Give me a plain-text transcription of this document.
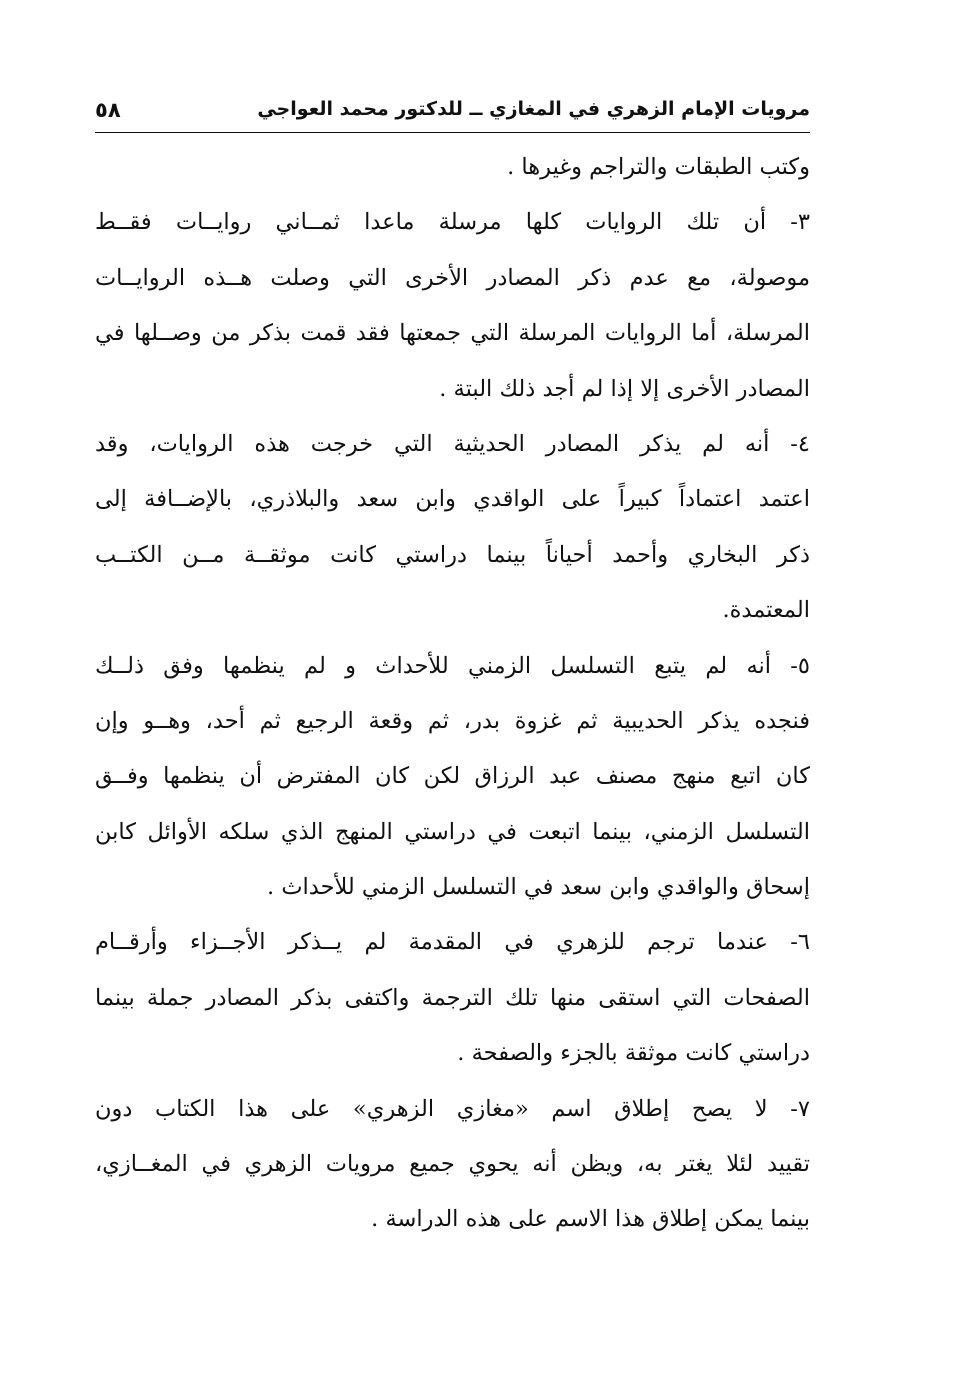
مرويات الإمام الزهري في المغازي ــ للدكتور محمد العواجي
٥٨
وكتب الطبقات والتراجم وغيرها .
٣- أن تلك الروايات كلها مرسلة ماعدا ثمــاني روايــات فقــط
موصولة، مع عدم ذكر المصادر الأخرى التي وصلت هــذه الروايــات
المرسلة، أما الروايات المرسلة التي جمعتها فقد قمت بذكر من وصــلها في
المصادر الأخرى إلا إذا لم أجد ذلك البتة .
٤- أنه لم يذكر المصادر الحديثية التي خرجت هذه الروايات، وقد
اعتمد اعتماداً كبيراً على الواقدي وابن سعد والبلاذري، بالإضــافة إلى
ذكر البخاري وأحمد أحياناً بينما دراستي كانت موثقــة مــن الكتــب
المعتمدة.
٥- أنه لم يتبع التسلسل الزمني للأحداث و لم ينظمها وفق ذلــك
فنجده يذكر الحديبية ثم غزوة بدر، ثم وقعة الرجيع ثم أحد، وهــو وإن
كان اتبع منهج مصنف عبد الرزاق لكن كان المفترض أن ينظمها وفــق
التسلسل الزمني، بينما اتبعت في دراستي المنهج الذي سلكه الأوائل كابن
إسحاق والواقدي وابن سعد في التسلسل الزمني للأحداث .
٦- عندما ترجم للزهري في المقدمة لم يــذكر الأجــزاء وأرقــام
الصفحات التي استقى منها تلك الترجمة واكتفى بذكر المصادر جملة بينما
دراستي كانت موثقة بالجزء والصفحة .
٧- لا يصح إطلاق اسم «مغازي الزهري» على هذا الكتاب دون
تقييد لئلا يغتر به، ويظن أنه يحوي جميع مرويات الزهري في المغــازي،
بينما يمكن إطلاق هذا الاسم على هذه الدراسة .
